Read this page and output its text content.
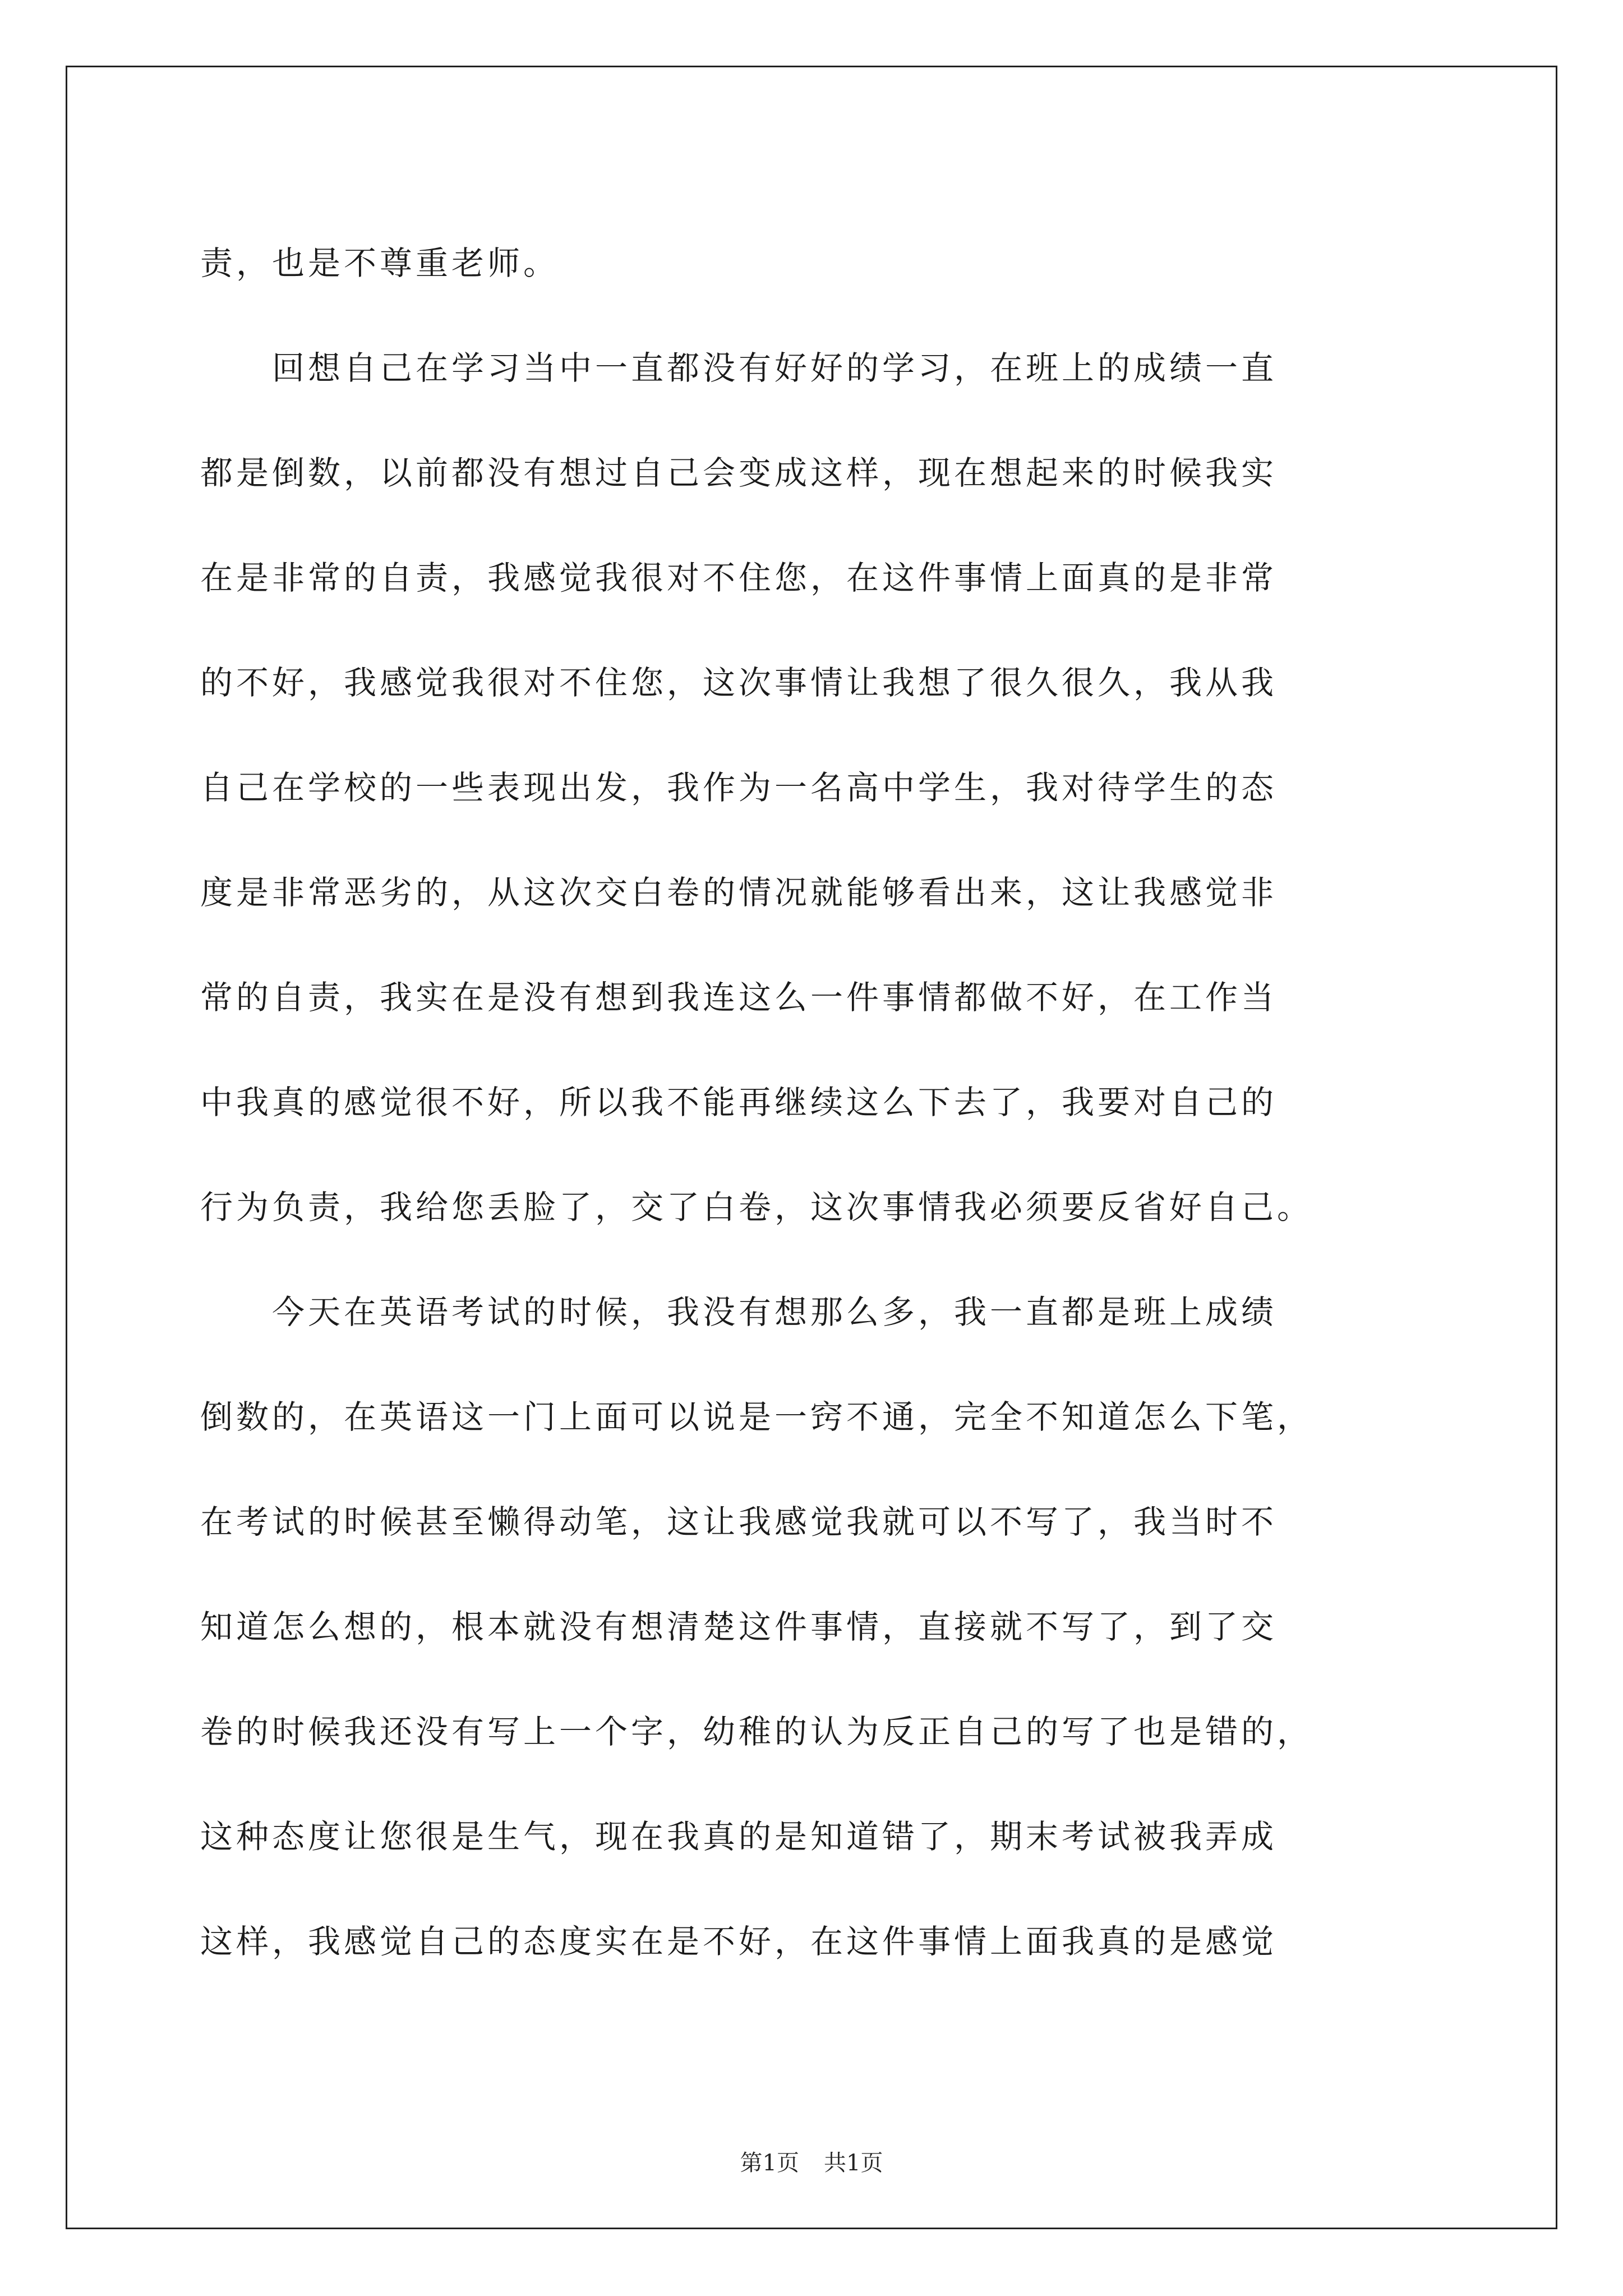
责，也是不尊重老师。
回想自己在学习当中一直都没有好好的学习，在班上的成绩一直
都是倒数，以前都没有想过自己会变成这样，现在想起来的时候我实
在是非常的自责，我感觉我很对不住您，在这件事情上面真的是非常
的不好，我感觉我很对不住您，这次事情让我想了很久很久，我从我
自己在学校的一些表现出发，我作为一名高中学生，我对待学生的态
度是非常恶劣的，从这次交白卷的情况就能够看出来，这让我感觉非
常的自责，我实在是没有想到我连这么一件事情都做不好，在工作当
中我真的感觉很不好，所以我不能再继续这么下去了，我要对自己的
行为负责，我给您丢脸了，交了白卷，这次事情我必须要反省好自己。
今天在英语考试的时候，我没有想那么多，我一直都是班上成绩
倒数的，在英语这一门上面可以说是一窍不通，完全不知道怎么下笔，
在考试的时候甚至懒得动笔，这让我感觉我就可以不写了，我当时不
知道怎么想的，根本就没有想清楚这件事情，直接就不写了，到了交
卷的时候我还没有写上一个字，幼稚的认为反正自己的写了也是错的，
这种态度让您很是生气，现在我真的是知道错了，期末考试被我弄成
这样，我感觉自己的态度实在是不好，在这件事情上面我真的是感觉
第1页 共1页
